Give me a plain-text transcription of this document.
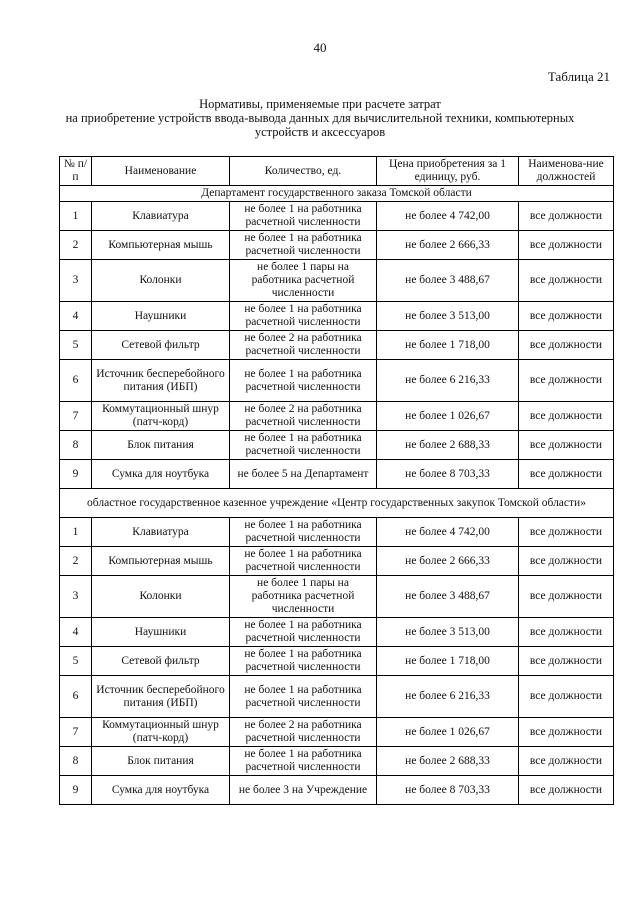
40
Таблица 21
Нормативы, применяемые при расчете затрат
на приобретение устройств ввода-вывода данных для вычислительной техники, компьютерных
устройств и аксессуаров
№ п/п	Наименование	Количество, ед.	Цена приобретения за 1 единицу, руб.	Наименова-ние должностей
Департамент государственного заказа Томской области				
1	Клавиатура	не более 1 на работника расчетной численности	не более 4 742,00	все должности
2	Компьютерная мышь	не более 1 на работника расчетной численности	не более 2 666,33	все должности
3	Колонки	не более 1 пары на работника расчетной численности	не более 3 488,67	все должности
4	Наушники	не более 1 на работника расчетной численности	не более 3 513,00	все должности
5	Сетевой фильтр	не более 2 на работника расчетной численности	не более 1 718,00	все должности
6	Источник бесперебойного питания (ИБП)	не более 1 на работника расчетной численности	не более 6 216,33	все должности
7	Коммутационный шнур (патч-корд)	не более 2 на работника расчетной численности	не более 1 026,67	все должности
8	Блок питания	не более 1 на работника расчетной численности	не более 2 688,33	все должности
9	Сумка для ноутбука	не более 5 на Департамент	не более 8 703,33	все должности
областное государственное казенное учреждение «Центр государственных закупок Томской области»				
1	Клавиатура	не более 1 на работника расчетной численности	не более 4 742,00	все должности
2	Компьютерная мышь	не более 1 на работника расчетной численности	не более 2 666,33	все должности
3	Колонки	не более 1 пары на работника расчетной численности	не более 3 488,67	все должности
4	Наушники	не более 1 на работника расчетной численности	не более 3 513,00	все должности
5	Сетевой фильтр	не более 1 на работника расчетной численности	не более 1 718,00	все должности
6	Источник бесперебойного питания (ИБП)	не более 1 на работника расчетной численности	не более 6 216,33	все должности
7	Коммутационный шнур (патч-корд)	не более 2 на работника расчетной численности	не более 1 026,67	все должности
8	Блок питания	не более 1 на работника расчетной численности	не более 2 688,33	все должности
9	Сумка для ноутбука	не более 3 на Учреждение	не более 8 703,33	все должности
